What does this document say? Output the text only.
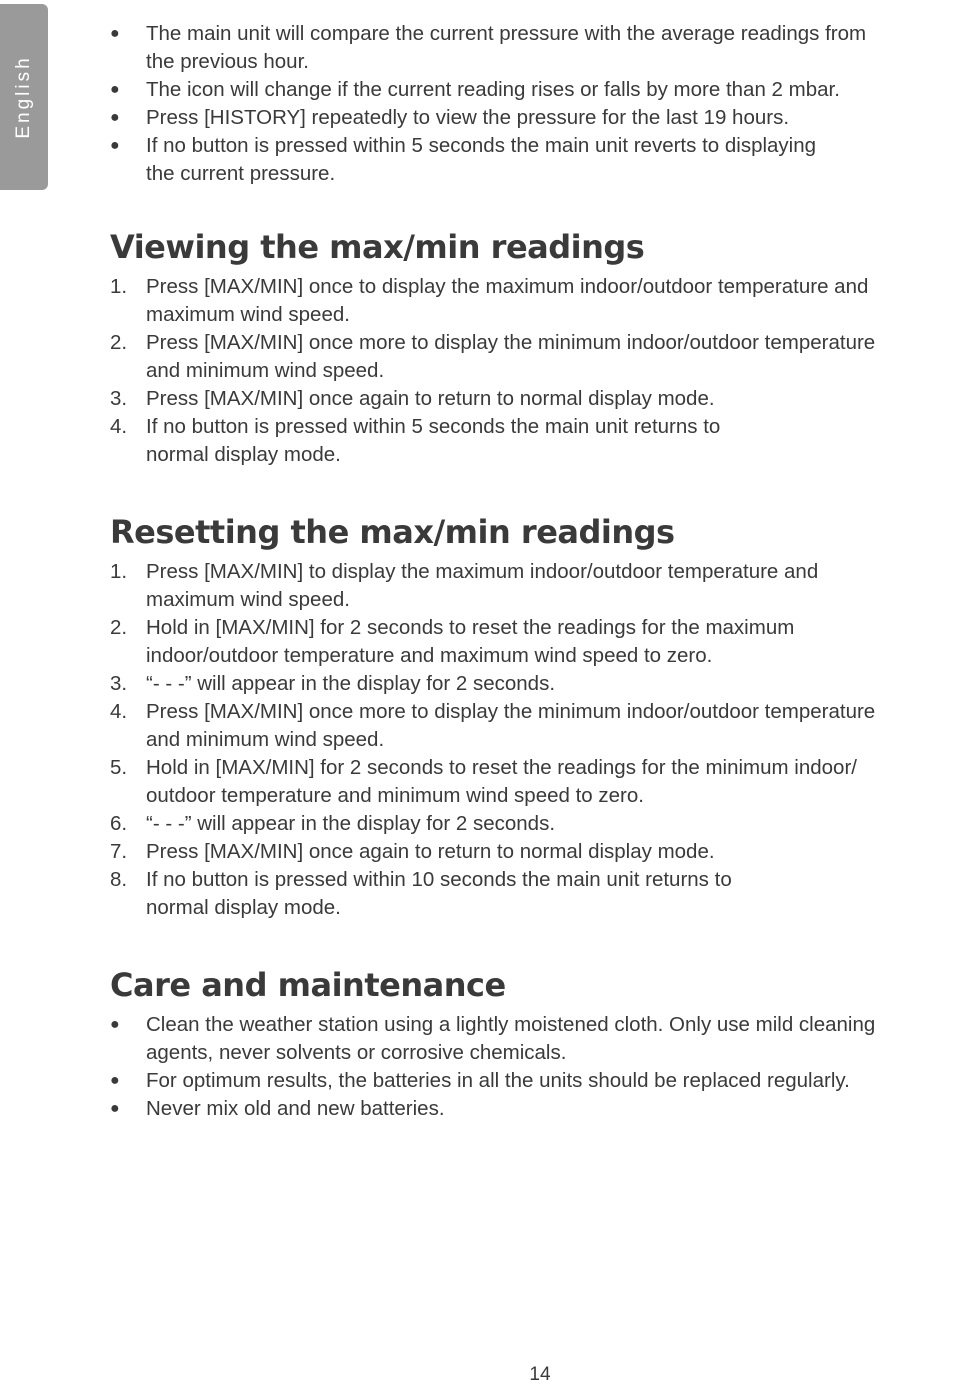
English
●	The main unit will compare the current pressure with the average readings from
the previous hour.
●	The icon will change if the current reading rises or falls by more than 2 mbar.
●	Press [HISTORY] repeatedly to view the pressure for the last 19 hours.
●	If no button is pressed within 5 seconds the main unit reverts to displaying
the current pressure.
Viewing the max/min readings
1. Press [MAX/MIN] once to display the maximum indoor/outdoor temperature and
maximum wind speed.
2. Press [MAX/MIN] once more to display the minimum indoor/outdoor temperature
and minimum wind speed.
3. Press [MAX/MIN] once again to return to normal display mode.
4. If no button is pressed within 5 seconds the main unit returns to
normal display mode.
Resetting the max/min readings
1. Press [MAX/MIN] to display the maximum indoor/outdoor temperature and
maximum wind speed.
2. Hold in [MAX/MIN] for 2 seconds to reset the readings for the maximum
indoor/outdoor temperature and maximum wind speed to zero.
3. “- - -” will appear in the display for 2 seconds.
4. Press [MAX/MIN] once more to display the minimum indoor/outdoor temperature
and minimum wind speed.
5. Hold in [MAX/MIN] for 2 seconds to reset the readings for the minimum indoor/
outdoor temperature and minimum wind speed to zero.
6. “- - -” will appear in the display for 2 seconds.
7. Press [MAX/MIN] once again to return to normal display mode.
8. If no button is pressed within 10 seconds the main unit returns to
normal display mode.
Care and maintenance
●	Clean the weather station using a lightly moistened cloth. Only use mild cleaning
agents, never solvents or corrosive chemicals.
●	For optimum results, the batteries in all the units should be replaced regularly.
●	Never mix old and new batteries.
14
